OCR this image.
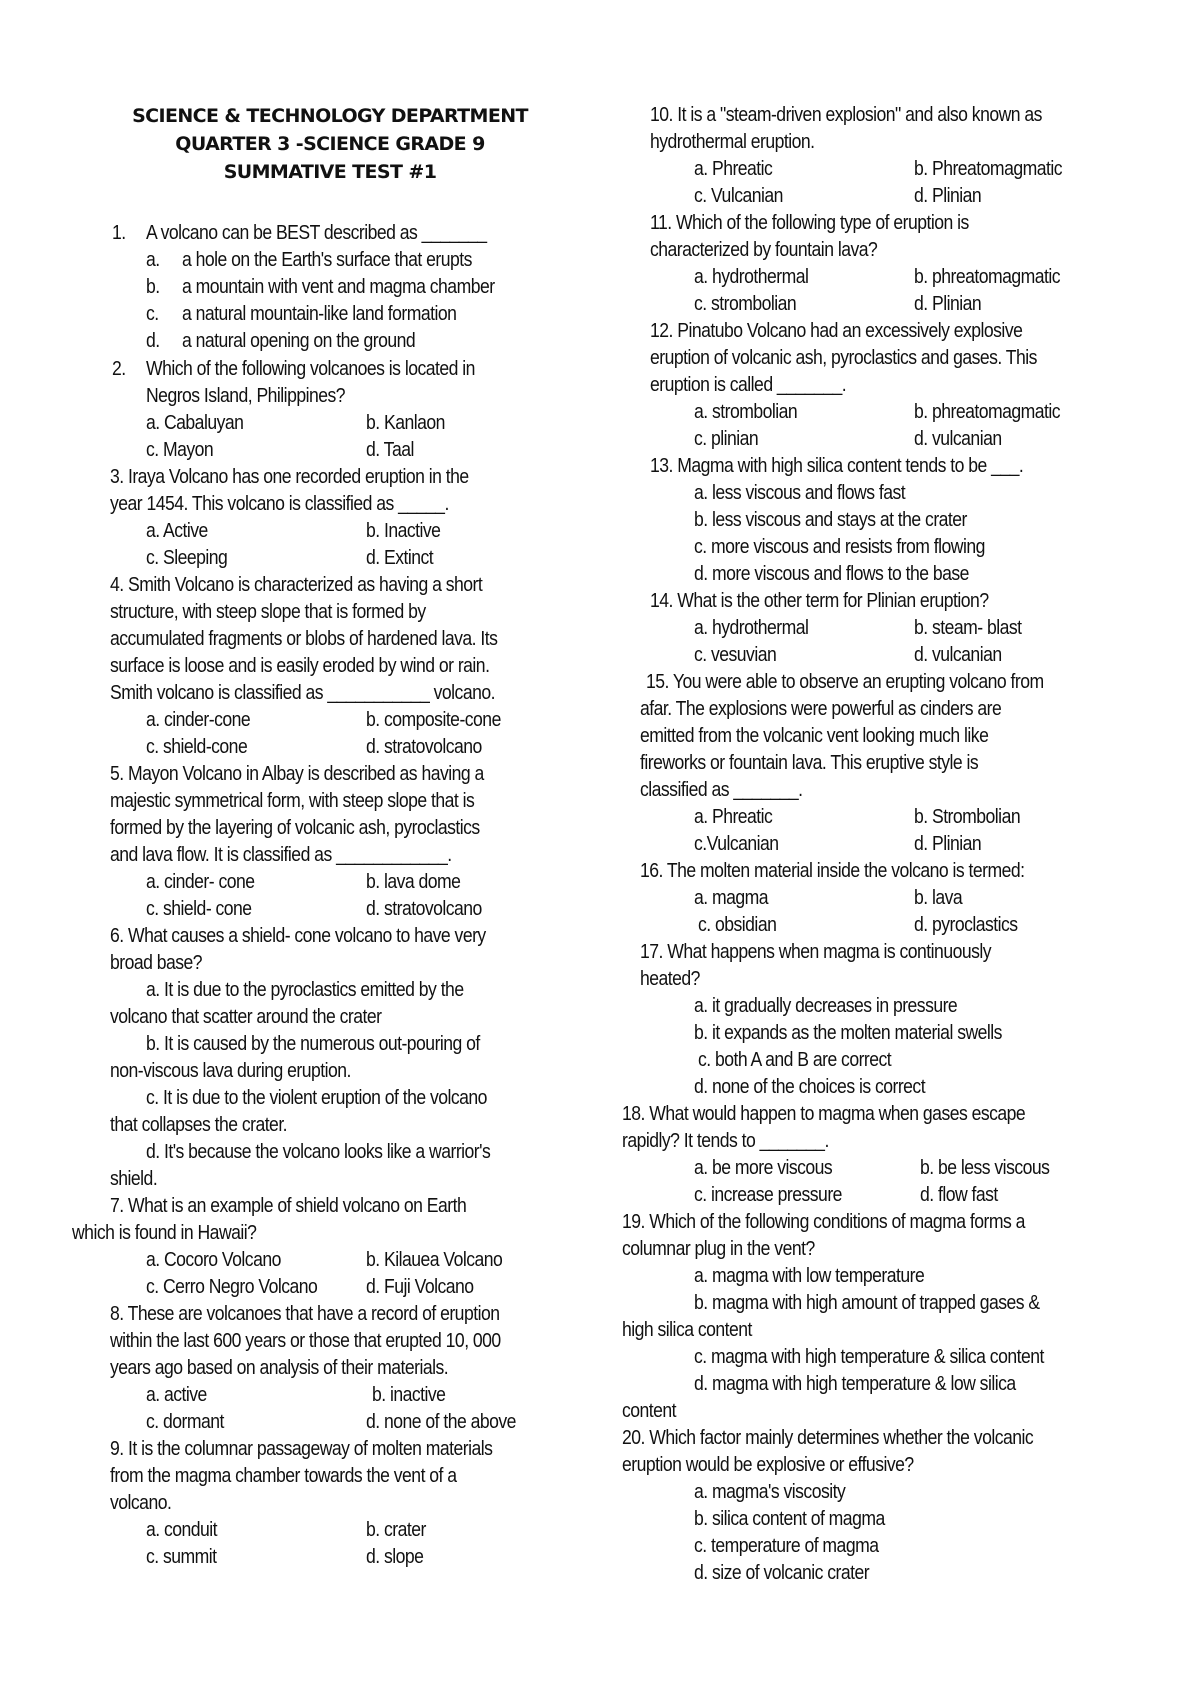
SCIENCE & TECHNOLOGY DEPARTMENT
QUARTER 3 -SCIENCE GRADE 9
SUMMATIVE TEST #1
1. A volcano can be BEST described as _______
a. a hole on the Earth's surface that erupts
b. a mountain with vent and magma chamber
c. a natural mountain-like land formation
d. a natural opening on the ground
2. Which of the following volcanoes is located in
Negros Island, Philippines?
a. Cabaluyan	b. Kanlaon
c. Mayon	d. Taal
3. Iraya Volcano has one recorded eruption in the
year 1454. This volcano is classified as _____.
a. Active	b. Inactive
c. Sleeping	d. Extinct
4. Smith Volcano is characterized as having a short
structure, with steep slope that is formed by
accumulated fragments or blobs of hardened lava. Its
surface is loose and is easily eroded by wind or rain.
Smith volcano is classified as ___________ volcano.
a. cinder-cone	b. composite-cone
c. shield-cone	d. stratovolcano
5. Mayon Volcano in Albay is described as having a
majestic symmetrical form, with steep slope that is
formed by the layering of volcanic ash, pyroclastics
and lava flow. It is classified as ____________.
a. cinder- cone	b. lava dome
c. shield- cone	d. stratovolcano
6. What causes a shield- cone volcano to have very
broad base?
a. It is due to the pyroclastics emitted by the
volcano that scatter around the crater
b. It is caused by the numerous out-pouring of
non-viscous lava during eruption.
c. It is due to the violent eruption of the volcano
that collapses the crater.
d. It's because the volcano looks like a warrior's
shield.
7. What is an example of shield volcano on Earth
which is found in Hawaii?
a. Cocoro Volcano	b. Kilauea Volcano
c. Cerro Negro Volcano d. Fuji Volcano
8. These are volcanoes that have a record of eruption
within the last 600 years or those that erupted 10, 000
years ago based on analysis of their materials.
a. active	b. inactive
c. dormant	d. none of the above
9. It is the columnar passageway of molten materials
from the magma chamber towards the vent of a
volcano.
a. conduit	b. crater
c. summit	d. slope
10. It is a "steam-driven explosion" and also known as
hydrothermal eruption.
a. Phreatic	b. Phreatomagmatic
c. Vulcanian	d. Plinian
11. Which of the following type of eruption is
characterized by fountain lava?
a. hydrothermal	b. phreatomagmatic
c. strombolian	d. Plinian
12. Pinatubo Volcano had an excessively explosive
eruption of volcanic ash, pyroclastics and gases. This
eruption is called _______.
a. strombolian	b. phreatomagmatic
c. plinian	d. vulcanian
13. Magma with high silica content tends to be ___.
a. less viscous and flows fast
b. less viscous and stays at the crater
c. more viscous and resists from flowing
d. more viscous and flows to the base
14. What is the other term for Plinian eruption?
a. hydrothermal	b. steam- blast
c. vesuvian	d. vulcanian
15. You were able to observe an erupting volcano from
afar. The explosions were powerful as cinders are
emitted from the volcanic vent looking much like
fireworks or fountain lava. This eruptive style is
classified as _______.
a. Phreatic	b. Strombolian
c.Vulcanian	d. Plinian
16. The molten material inside the volcano is termed:
a. magma	b. lava
c. obsidian	d. pyroclastics
17. What happens when magma is continuously
heated?
a. it gradually decreases in pressure
b. it expands as the molten material swells
c. both A and B are correct
d. none of the choices is correct
18. What would happen to magma when gases escape
rapidly? It tends to _______.
a. be more viscous	b. be less viscous
c. increase pressure	d. flow fast
19. Which of the following conditions of magma forms a
columnar plug in the vent?
a. magma with low temperature
b. magma with high amount of trapped gases &
high silica content
c. magma with high temperature & silica content
d. magma with high temperature & low silica
content
20. Which factor mainly determines whether the volcanic
eruption would be explosive or effusive?
a. magma's viscosity
b. silica content of magma
c. temperature of magma
d. size of volcanic crater
